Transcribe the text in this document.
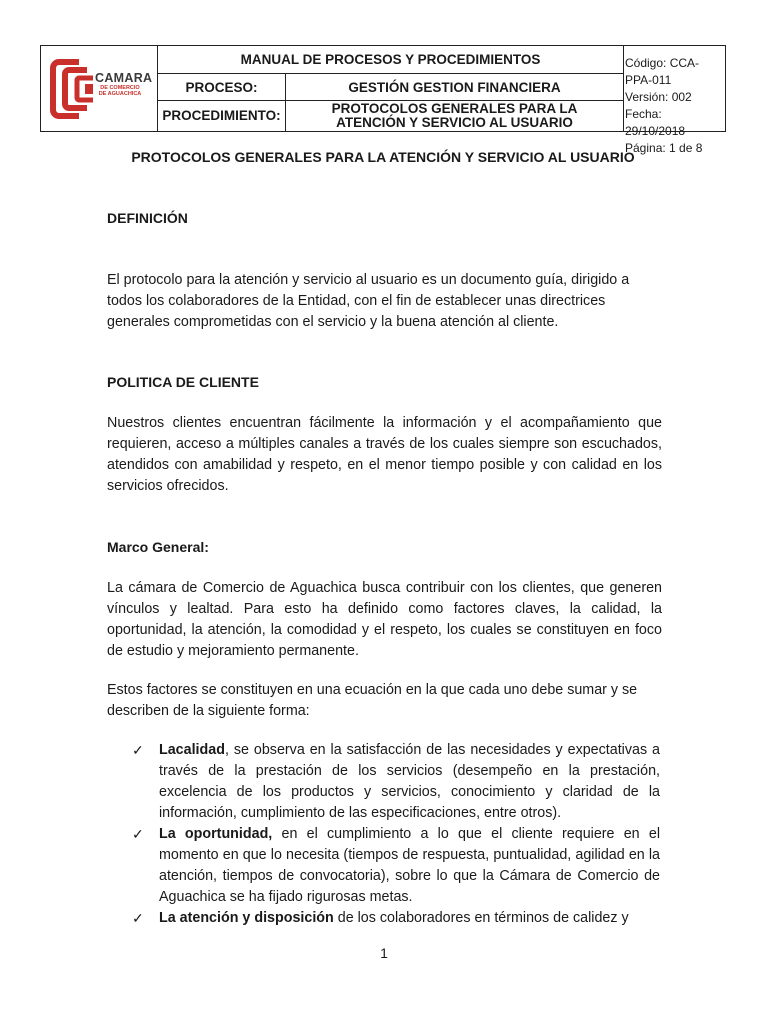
CAMARA
DE COMERCIO
DE AGUACHICA
MANUAL DE PROCESOS Y PROCEDIMIENTOS
PROCESO:	GESTIÓN GESTION FINANCIERA
PROCEDIMIENTO:	PROTOCOLOS GENERALES PARA LA
ATENCIÓN Y SERVICIO AL USUARIO
Código: CCA-PPA-011
Versión: 002
Fecha: 29/10/2018
Página: 1 de 8
PROTOCOLOS GENERALES PARA LA ATENCIÓN Y SERVICIO AL USUARIO
DEFINICIÓN
El protocolo para la atención y servicio al usuario es un documento guía, dirigido a todos los colaboradores de la Entidad, con el fin de establecer unas directrices generales comprometidas con el servicio y la buena atención al cliente.
POLITICA DE CLIENTE
Nuestros clientes encuentran fácilmente la información y el acompañamiento que requieren, acceso a múltiples canales a través de los cuales siempre son escuchados, atendidos con amabilidad y respeto, en el menor tiempo posible y con calidad en los servicios ofrecidos.
Marco General:
La cámara de Comercio de Aguachica busca contribuir con los clientes, que generen vínculos y lealtad. Para esto ha definido como factores claves, la calidad, la oportunidad, la atención, la comodidad y el respeto, los cuales se constituyen en foco de estudio y mejoramiento permanente.
Estos factores se constituyen en una ecuación en la que cada uno debe sumar y se describen de la siguiente forma:
✓ Lacalidad, se observa en la satisfacción de las necesidades y expectativas a través de la prestación de los servicios (desempeño en la prestación, excelencia de los productos y servicios, conocimiento y claridad de la información, cumplimiento de las especificaciones, entre otros).
✓ La oportunidad, en el cumplimiento a lo que el cliente requiere en el momento en que lo necesita (tiempos de respuesta, puntualidad, agilidad en la atención, tiempos de convocatoria), sobre lo que la Cámara de Comercio de Aguachica se ha fijado rigurosas metas.
✓ La atención y disposición de los colaboradores en términos de calidez y
1
